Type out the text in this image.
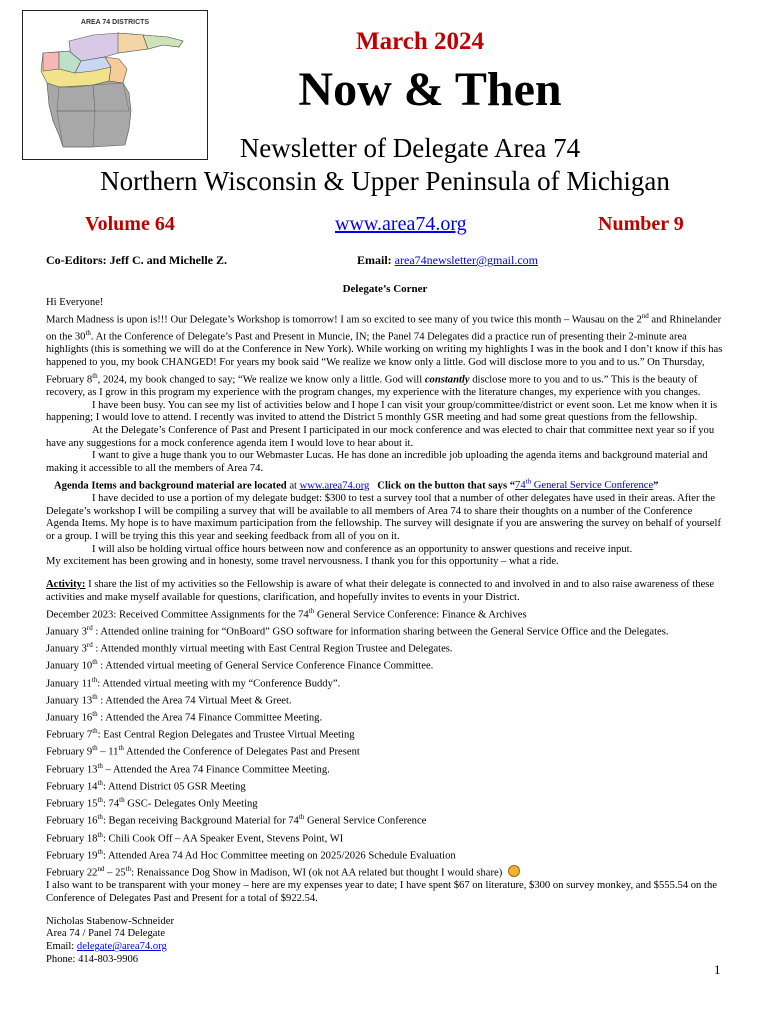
AREA 74 DISTRICTS
March 2024
Now & Then
Newsletter of Delegate Area 74
Northern Wisconsin & Upper Peninsula of Michigan
Volume 64	www.area74.org	Number 9
Co-Editors: Jeff C. and Michelle Z.	Email: area74newsletter@gmail.com
Delegate’s Corner

Hi Everyone!

March Madness is upon is!!! Our Delegate’s Workshop is tomorrow! I am so excited to see many of you twice this month – Wausau on the 2nd and Rhinelander on the 30th. At the Conference of Delegate’s Past and Present in Muncie, IN; the Panel 74 Delegates did a practice run of presenting their 2-minute area highlights (this is something we will do at the Conference in New York). While working on writing my highlights I was in the book and I don’t know if this has happened to you, my book CHANGED! For years my book said “We realize we know only a little. God will disclose more to you and to us.” On Thursday, February 8th, 2024, my book changed to say; “We realize we know only a little. God will constantly disclose more to you and to us.” This is the beauty of recovery, as I grow in this program my experience with the program changes, my experience with the literature changes, my experience with you changes.

I have been busy. You can see my list of activities below and I hope I can visit your group/committee/district or event soon. Let me know when it is happening; I would love to attend. I recently was invited to attend the District 5 monthly GSR meeting and had some great questions from the fellowship.

At the Delegate’s Conference of Past and Present I participated in our mock conference and was elected to chair that committee next year so if you have any suggestions for a mock conference agenda item I would love to hear about it.

I want to give a huge thank you to our Webmaster Lucas. He has done an incredible job uploading the agenda items and background material and making it accessible to all the members of Area 74.

Agenda Items and background material are located at www.area74.org Click on the button that says “74th General Service Conference”

I have decided to use a portion of my delegate budget: $300 to test a survey tool that a number of other delegates have used in their areas. After the Delegate’s workshop I will be compiling a survey that will be available to all members of Area 74 to share their thoughts on a number of the Conference Agenda Items. My hope is to have maximum participation from the fellowship. The survey will designate if you are answering the survey on behalf of yourself or a group. I will be trying this this year and seeking feedback from all of you on it.

I will also be holding virtual office hours between now and conference as an opportunity to answer questions and receive input.

My excitement has been growing and in honesty, some travel nervousness. I thank you for this opportunity – what a ride.

Activity: I share the list of my activities so the Fellowship is aware of what their delegate is connected to and involved in and to also raise awareness of these activities and make myself available for questions, clarification, and hopefully invites to events in your District.

December 2023: Received Committee Assignments for the 74th General Service Conference: Finance & Archives

January 3rd : Attended online training for “OnBoard” GSO software for information sharing between the General Service Office and the Delegates.

January 3rd : Attended monthly virtual meeting with East Central Region Trustee and Delegates.

January 10th : Attended virtual meeting of General Service Conference Finance Committee.

January 11th: Attended virtual meeting with my “Conference Buddy”.

January 13th : Attended the Area 74 Virtual Meet & Greet.

January 16th : Attended the Area 74 Finance Committee Meeting.

February 7th: East Central Region Delegates and Trustee Virtual Meeting

February 9th – 11th Attended the Conference of Delegates Past and Present

February 13th – Attended the Area 74 Finance Committee Meeting.

February 14th: Attend District 05 GSR Meeting

February 15th: 74th GSC- Delegates Only Meeting

February 16th: Began receiving Background Material for 74th General Service Conference

February 18th: Chili Cook Off – AA Speaker Event, Stevens Point, WI

February 19th: Attended Area 74 Ad Hoc Committee meeting on 2025/2026 Schedule Evaluation

February 22nd – 25th: Renaissance Dog Show in Madison, WI (ok not AA related but thought I would share)

I also want to be transparent with your money – here are my expenses year to date; I have spent $67 on literature, $300 on survey monkey, and $555.54 on the Conference of Delegates Past and Present for a total of $922.54.

Nicholas Stabenow-Schneider

Area 74 / Panel 74 Delegate

Email: delegate@area74.org

Phone: 414-803-9906

1
